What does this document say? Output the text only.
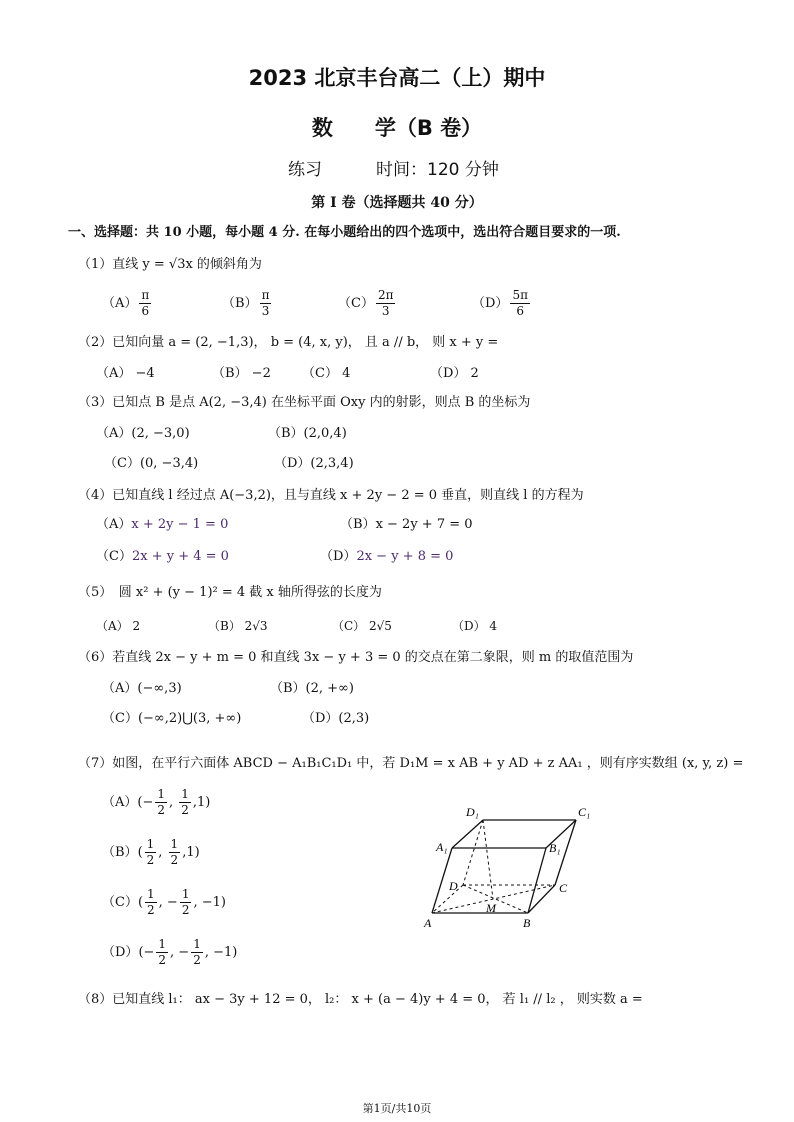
2023 北京丰台高二（上）期中
数　　学（B 卷）
练习	时间：120 分钟
第 I 卷（选择题共 40 分）
一、选择题：共 10 小题，每小题 4 分. 在每小题给出的四个选项中，选出符合题目要求的一项.
（1）直线 y = √3x 的倾斜角为
$(A) \frac{\pi}{6}$	$(B) \frac{\pi}{3}$	$(C) \frac{2\pi}{3}$	$(D) \frac{5\pi}{6}$
（2）已知向量 a = (2, −1,3)， b = (4, x, y)， 且 a // b， 则 x + y =
（A） −4	（B） −2 （C） 4	（D） 2
（3）已知点 B 是点 A(2, −3,4) 在坐标平面 Oxy 内的射影，则点 B 的坐标为
（A）(2, −3,0)	（B）(2,0,4)
（C）(0, −3,4)	（D）(2,3,4)
（4）已知直线 l 经过点 A(−3,2)，且与直线 x + 2y − 2 = 0 垂直，则直线 l 的方程为
（A）x + 2y − 1 = 0	（B）x − 2y + 7 = 0
（C）2x + y + 4 = 0	（D）2x − y + 8 = 0
（5）　圆 x² + (y − 1)² = 4 截 x 轴所得弦的长度为
（A） 2	（B） 2√3	（C） 2√5	（D） 4
（6）若直线 2x − y + m = 0 和直线 3x − y + 3 = 0 的交点在第二象限，则 m 的取值范围为
（A）(−∞,3)	（B）(2, +∞)
（C）(−∞,2)⋃(3, +∞)	（D）(2,3)
（7）如图，在平行六面体 ABCD − A₁B₁C₁D₁ 中，若 D₁M = x AB + y AD + z AA₁ ，则有序实数组 (x, y, z) =
$(A)(- \frac{1}{2}$ , $\frac{1}{2} ,1$)
$(B)( \frac{1}{2}$ , $\frac{1}{2} ,1$)
$(C)( \frac{1}{2}$ , − $\frac{1}{2}$ , −1)
$(D)(- \frac{1}{2}$ , − $\frac{1}{2}$ , −1)
D₁	C₁
A₁	B₁
D	C
M
A	B
（8）已知直线 l₁： ax − 3y + 12 = 0， l₂： x + (a − 4)y + 4 = 0， 若 l₁ // l₂ ， 则实数 a =
第1页/共10页
